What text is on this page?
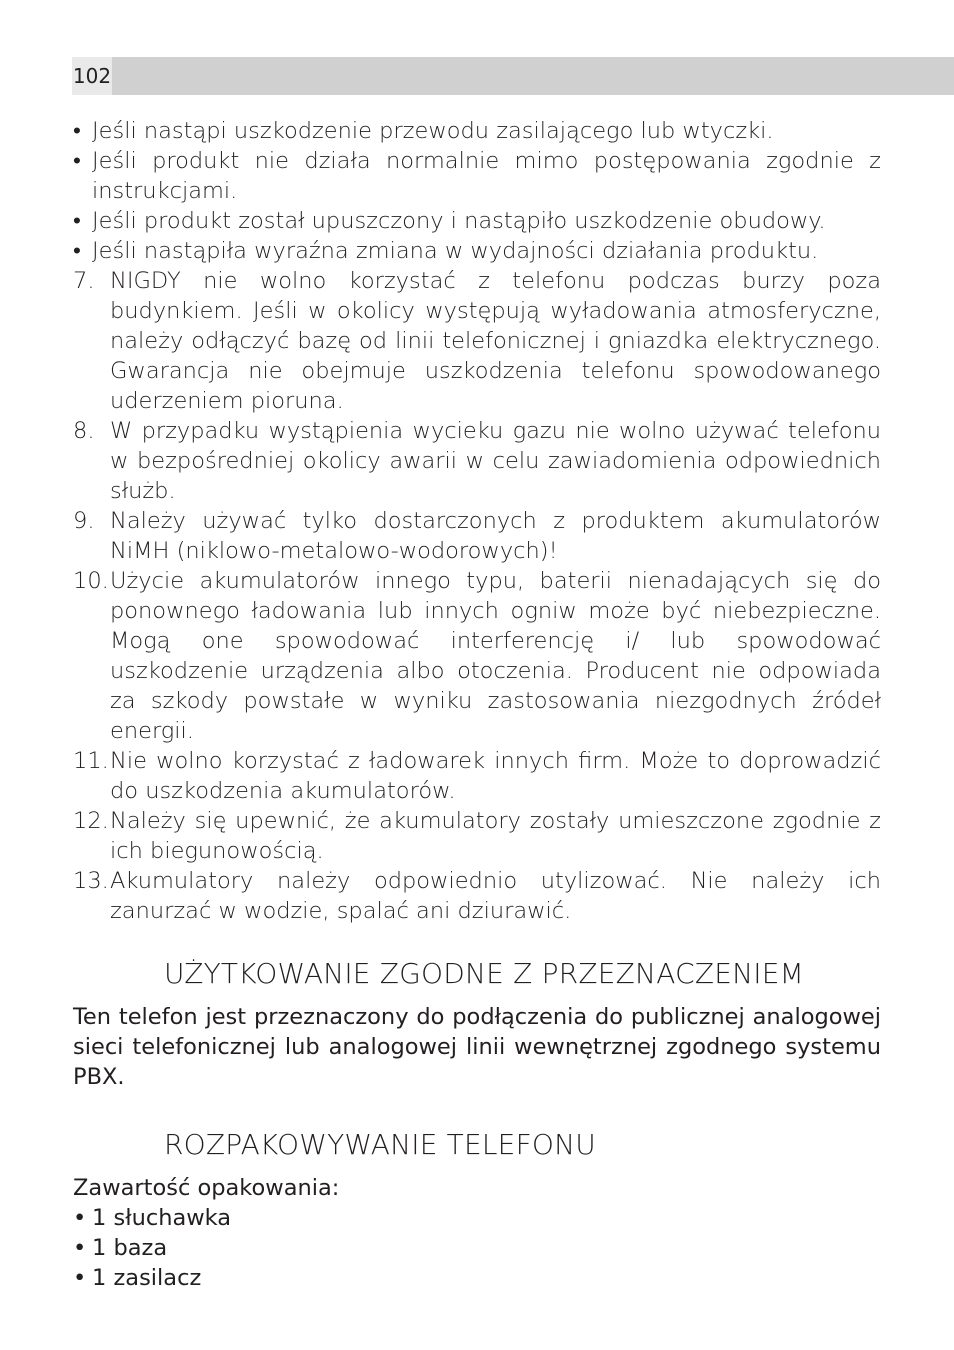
102
• Jeśli nastąpi uszkodzenie przewodu zasilającego lub wtyczki.
• Jeśli produkt nie działa normalnie mimo postępowania zgodnie z instrukcjami.
• Jeśli produkt został upuszczony i nastąpiło uszkodzenie obudowy.
• Jeśli nastąpiła wyraźna zmiana w wydajności działania produktu.
7. NIGDY nie wolno korzystać z telefonu podczas burzy poza budynkiem. Jeśli w okolicy występują wyładowania atmosferyczne, należy odłączyć bazę od linii telefonicznej i gniazdka elektrycznego. Gwarancja nie obejmuje uszkodzenia telefonu spowodowanego uderzeniem pioruna.
8. W przypadku wystąpienia wycieku gazu nie wolno używać telefonu w bezpośredniej okolicy awarii w celu zawiadomienia odpowiednich służb.
9. Należy używać tylko dostarczonych z produktem akumulatorów NiMH (niklowo-metalowo-wodorowych)!
10. Użycie akumulatorów innego typu, baterii nienadających się do ponownego ładowania lub innych ogniw może być niebezpieczne. Mogą one spowodować interferencję i/ lub spowodować uszkodzenie urządzenia albo otoczenia. Producent nie odpowiada za szkody powstałe w wyniku zastosowania niezgodnych źródeł energii.
11. Nie wolno korzystać z ładowarek innych firm. Może to doprowadzić do uszkodzenia akumulatorów.
12. Należy się upewnić, że akumulatory zostały umieszczone zgodnie z ich biegunowością.
13. Akumulatory należy odpowiednio utylizować. Nie należy ich zanurzać w wodzie, spalać ani dziurawić.
UŻYTKOWANIE ZGODNE Z PRZEZNACZENIEM
Ten telefon jest przeznaczony do podłączenia do publicznej analogowej sieci telefonicznej lub analogowej linii wewnętrznej zgodnego systemu PBX.
ROZPAKOWYWANIE TELEFONU
Zawartość opakowania:
• 1 słuchawka
• 1 baza
• 1 zasilacz
